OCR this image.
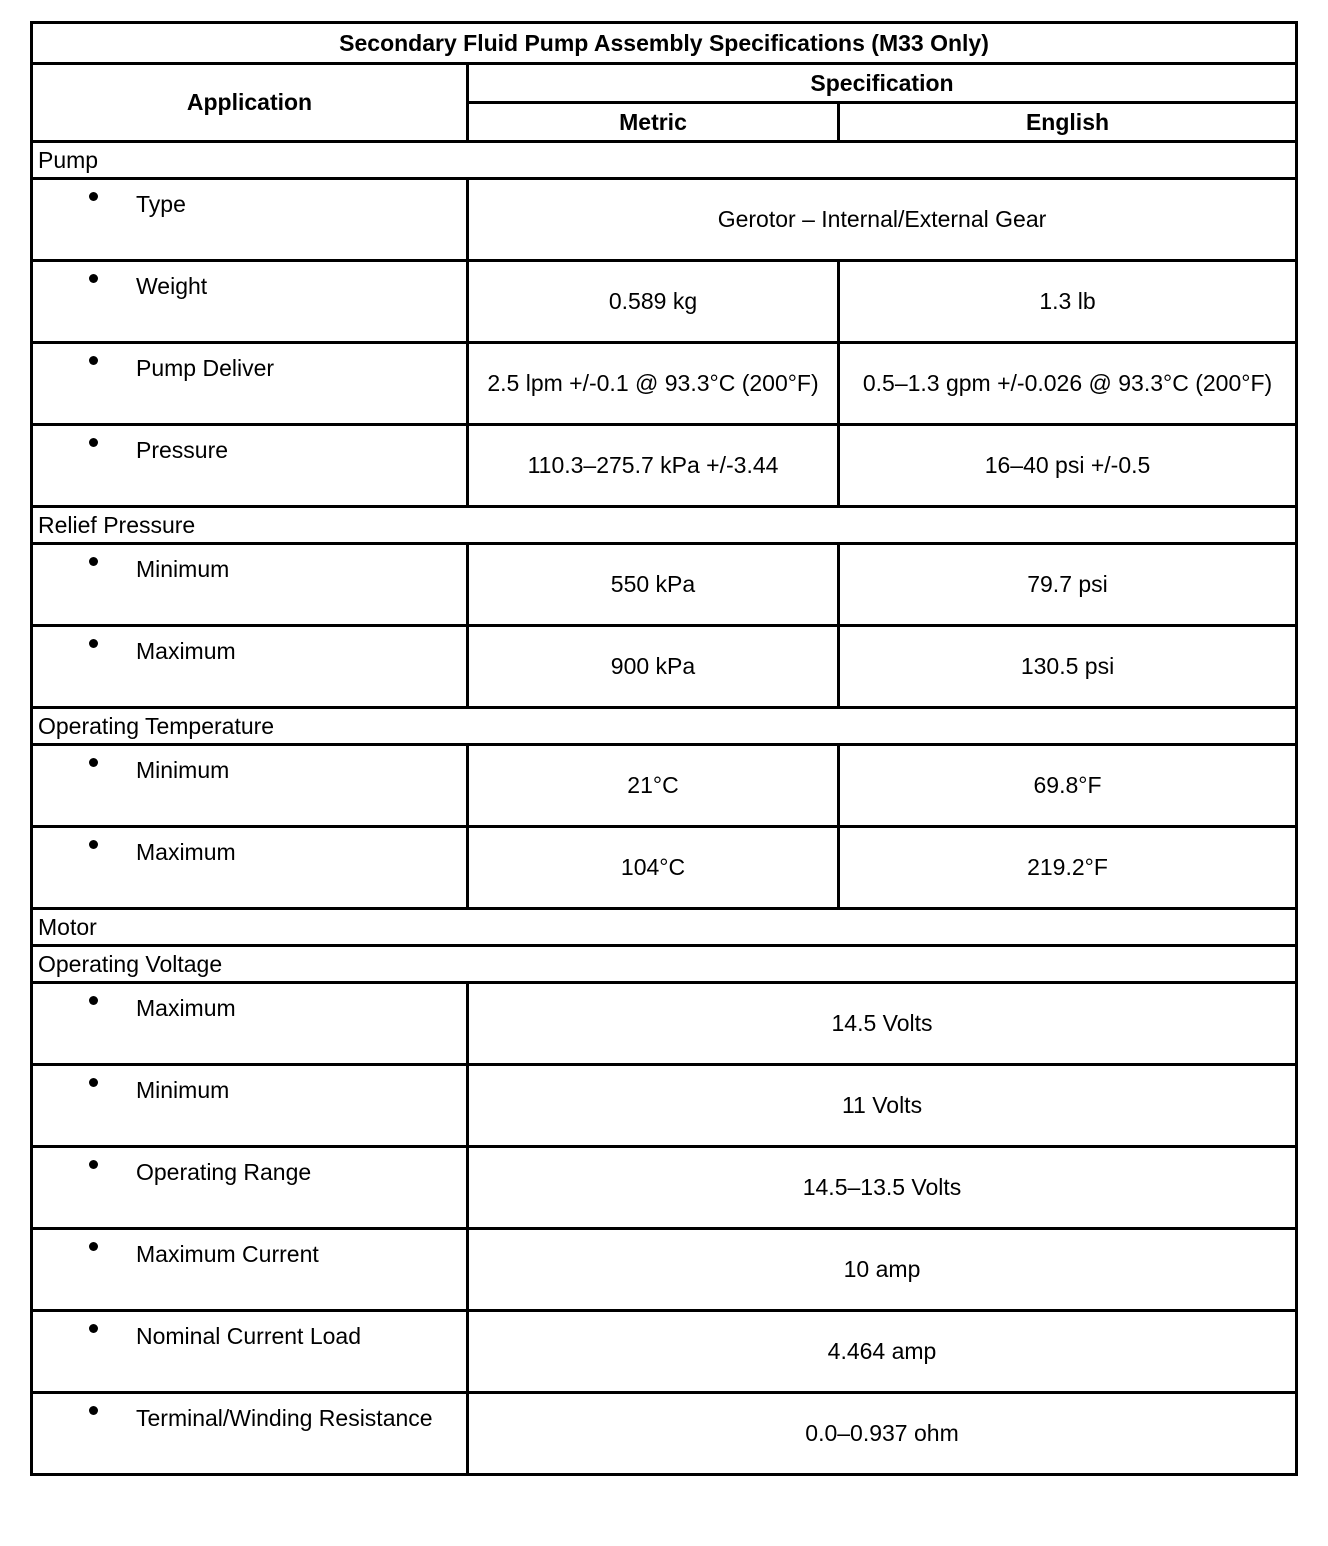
Secondary Fluid Pump Assembly Specifications (M33 Only)		
Application	Specification	
	Metric	English
Pump		

Type	Gerotor – Internal/External Gear	

Weight	0.589 kg	1.3 lb

Pump Deliver	2.5 lpm +/-0.1 @ 93.3°C (200°F)	0.5–1.3 gpm +/-0.026 @ 93.3°C (200°F)

Pressure	110.3–275.7 kPa +/-3.44	16–40 psi +/-0.5
Relief Pressure		

Minimum	550 kPa	79.7 psi

Maximum	900 kPa	130.5 psi
Operating Temperature		

Minimum	21°C	69.8°F

Maximum	104°C	219.2°F
Motor		
Operating Voltage		

Maximum	14.5 Volts	

Minimum	11 Volts	

Operating Range	14.5–13.5 Volts	

Maximum Current	10 amp	

Nominal Current Load	4.464 amp	

Terminal/Winding Resistance	0.0–0.937 ohm	
